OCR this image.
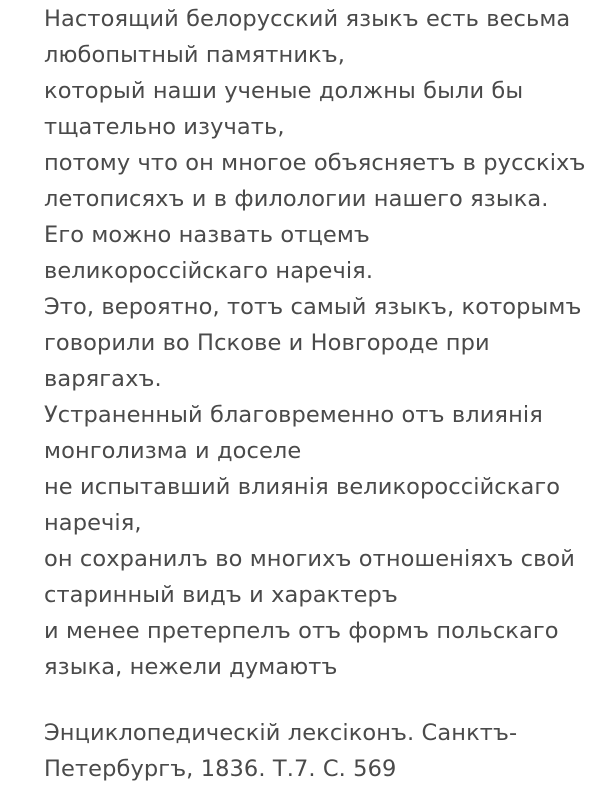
Настоящий белорусский языкъ есть весьма
любопытный памятникъ,
который наши ученые должны были бы
тщательно изучать,
потому что он многое объясняетъ в русскіхъ
летописяхъ и в филологии нашего языка.
Его можно назвать отцемъ
великороссійскаго наречія.
Это, вероятно, тотъ самый языкъ, которымъ
говорили во Пскове и Новгороде при
варягахъ.
Устраненный благовременно отъ влиянія
монголизма и доселе
не испытавший влиянія великороссійскаго
наречія,
он сохранилъ во многихъ отношеніяхъ свой
старинный видъ и характеръ
и менее претерпелъ отъ формъ польскаго
языка, нежели думаютъ
Энциклопедическій лексіконъ. Санктъ-
Петербургъ, 1836. Т.7. С. 569
